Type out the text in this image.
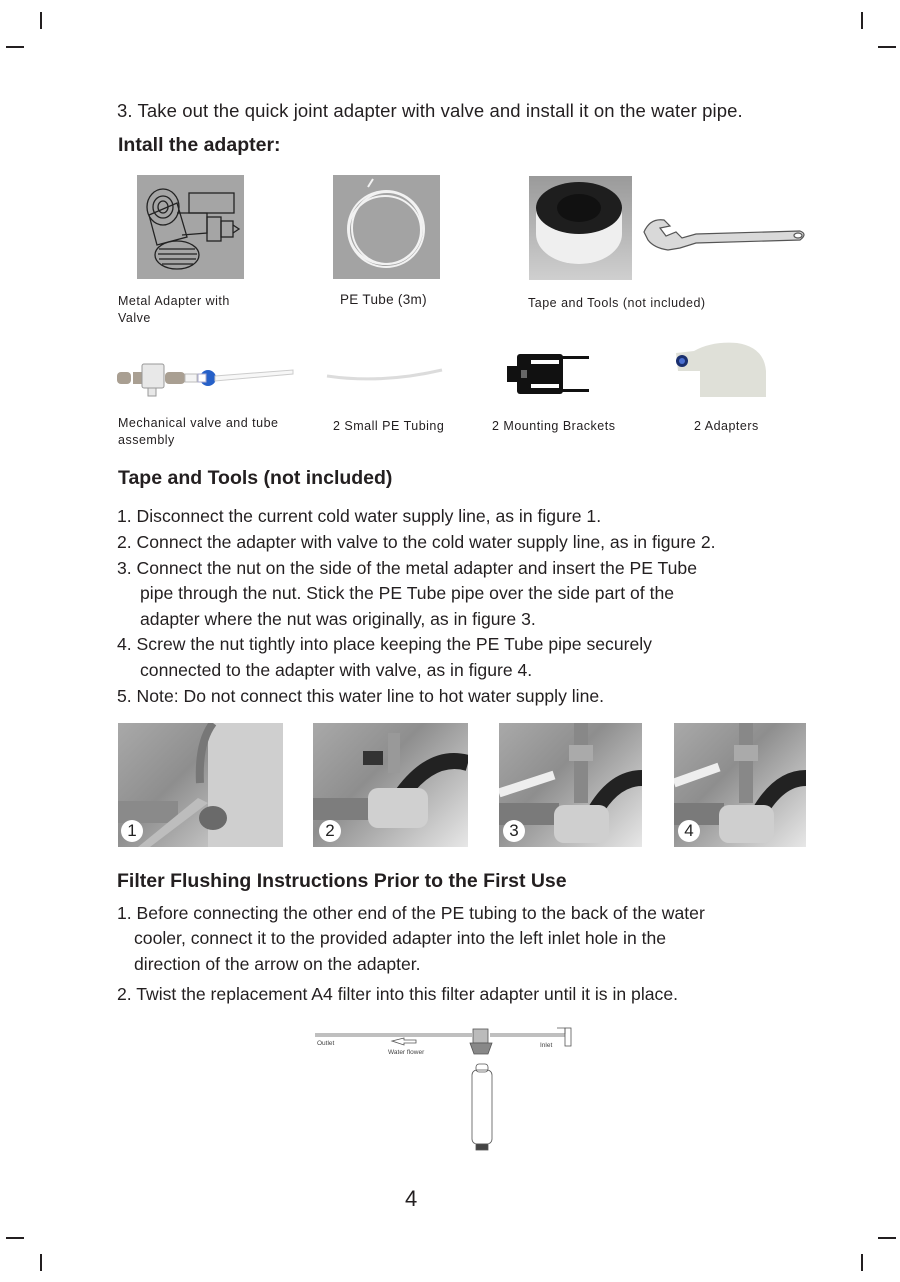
3. Take out the quick joint adapter with valve and install it on the water pipe.
Intall the adapter:
Metal Adapter with
Valve
PE Tube (3m)	Tape and Tools (not included)
Mechanical valve and tube
assembly
2 Small PE Tubing	2 Mounting Brackets	2 Adapters
Tape and Tools (not included)
1. Disconnect the current cold water supply line, as in figure 1.
2. Connect the adapter with valve to the cold water supply line, as in figure 2.
3. Connect the nut on the side of the metal adapter and insert the PE Tube
pipe through the nut. Stick the PE Tube pipe over the side part of the
adapter where the nut was originally, as in figure 3.
4. Screw the nut tightly into place keeping the PE Tube pipe securely
connected to the adapter with valve, as in figure 4.
5. Note: Do not connect this water line to hot water supply line.
1	2	3	4
Filter Flushing Instructions Prior to the First Use
1. Before connecting the other end of the PE tubing to the back of the water
cooler, connect it to the provided adapter into the left inlet hole in the
direction of the arrow on the adapter.
2. Twist the replacement A4 filter into this filter adapter until it is in place.
Outlet
Water flower
Inlet
4
